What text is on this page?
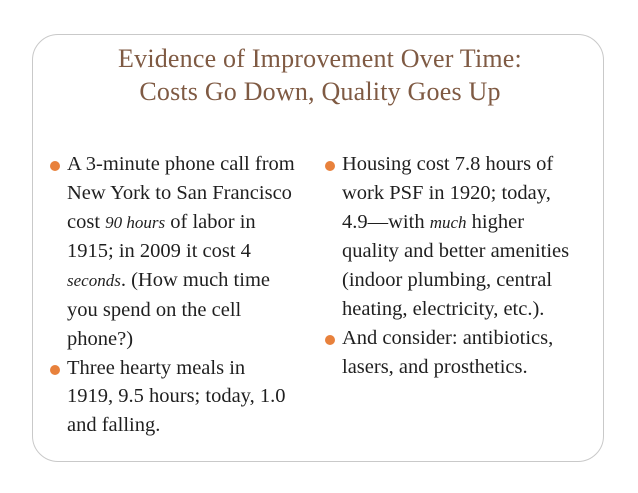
Evidence of Improvement Over Time:
Costs Go Down, Quality Goes Up
A 3-minute phone call from
New York to San Francisco
cost 90 hours of labor in
1915; in 2009 it cost 4
seconds. (How much time
you spend on the cell
phone?)
Three hearty meals in
1919, 9.5 hours; today, 1.0
and falling.
Housing cost 7.8 hours of
work PSF in 1920; today,
4.9—with much higher
quality and better amenities
(indoor plumbing, central
heating, electricity, etc.).
And consider: antibiotics,
lasers, and prosthetics.
